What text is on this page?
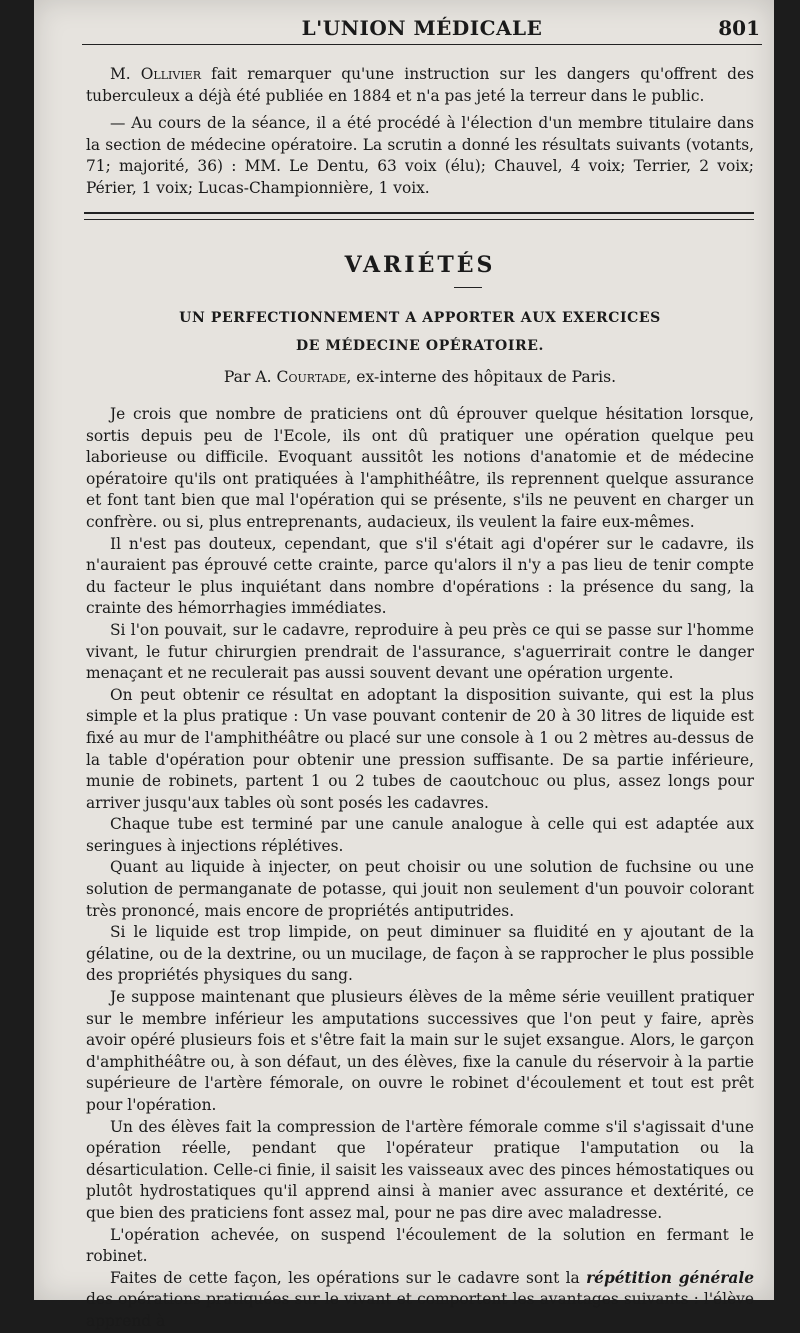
L'UNION MÉDICALE	801

M. Ollivier fait remarquer qu'une instruction sur les dangers qu'offrent des tuberculeux a déjà été publiée en 1884 et n'a pas jeté la terreur dans le public.

— Au cours de la séance, il a été procédé à l'élection d'un membre titulaire dans la section de médecine opératoire. La scrutin a donné les résultats suivants (votants, 71; majorité, 36) : MM. Le Dentu, 63 voix (élu); Chauvel, 4 voix; Terrier, 2 voix; Périer, 1 voix; Lucas-Championnière, 1 voix.

VARIÉTÉS
UN PERFECTIONNEMENT A APPORTER AUX EXERCICES
DE MÉDECINE OPÉRATOIRE.
Par A. Courtade, ex-interne des hôpitaux de Paris.

Je crois que nombre de praticiens ont dû éprouver quelque hésitation lorsque, sortis depuis peu de l'Ecole, ils ont dû pratiquer une opération quelque peu laborieuse ou difficile. Evoquant aussitôt les notions d'anatomie et de médecine opératoire qu'ils ont pratiquées à l'amphithéâtre, ils reprennent quelque assurance et font tant bien que mal l'opération qui se présente, s'ils ne peuvent en charger un confrère. ou si, plus entreprenants, audacieux, ils veulent la faire eux-mêmes.

Il n'est pas douteux, cependant, que s'il s'était agi d'opérer sur le cadavre, ils n'auraient pas éprouvé cette crainte, parce qu'alors il n'y a pas lieu de tenir compte du facteur le plus inquiétant dans nombre d'opérations : la présence du sang, la crainte des hémorrhagies immédiates.

Si l'on pouvait, sur le cadavre, reproduire à peu près ce qui se passe sur l'homme vivant, le futur chirurgien prendrait de l'assurance, s'aguerrirait contre le danger menaçant et ne reculerait pas aussi souvent devant une opération urgente.

On peut obtenir ce résultat en adoptant la disposition suivante, qui est la plus simple et la plus pratique : Un vase pouvant contenir de 20 à 30 litres de liquide est fixé au mur de l'amphithéâtre ou placé sur une console à 1 ou 2 mètres au-dessus de la table d'opération pour obtenir une pression suffisante. De sa partie inférieure, munie de robinets, partent 1 ou 2 tubes de caoutchouc ou plus, assez longs pour arriver jusqu'aux tables où sont posés les cadavres.

Chaque tube est terminé par une canule analogue à celle qui est adaptée aux seringues à injections réplétives.

Quant au liquide à injecter, on peut choisir ou une solution de fuchsine ou une solution de permanganate de potasse, qui jouit non seulement d'un pouvoir colorant très prononcé, mais encore de propriétés antiputrides.

Si le liquide est trop limpide, on peut diminuer sa fluidité en y ajoutant de la gélatine, ou de la dextrine, ou un mucilage, de façon à se rapprocher le plus possible des propriétés physiques du sang.

Je suppose maintenant que plusieurs élèves de la même série veuillent pratiquer sur le membre inférieur les amputations successives que l'on peut y faire, après avoir opéré plusieurs fois et s'être fait la main sur le sujet exsangue. Alors, le garçon d'amphithéâtre ou, à son défaut, un des élèves, fixe la canule du réservoir à la partie supérieure de l'artère fémorale, on ouvre le robinet d'écoulement et tout est prêt pour l'opération.

Un des élèves fait la compression de l'artère fémorale comme s'il s'agissait d'une opération réelle, pendant que l'opérateur pratique l'amputation ou la désarticulation. Celle-ci finie, il saisit les vaisseaux avec des pinces hémostatiques ou plutôt hydrostatiques qu'il apprend ainsi à manier avec assurance et dextérité, ce que bien des praticiens font assez mal, pour ne pas dire avec maladresse.

L'opération achevée, on suspend l'écoulement de la solution en fermant le robinet.

Faites de cette façon, les opérations sur le cadavre sont la répétition générale des opérations pratiquées sur le vivant et comportent les avantages suivants : l'élève apprend à
